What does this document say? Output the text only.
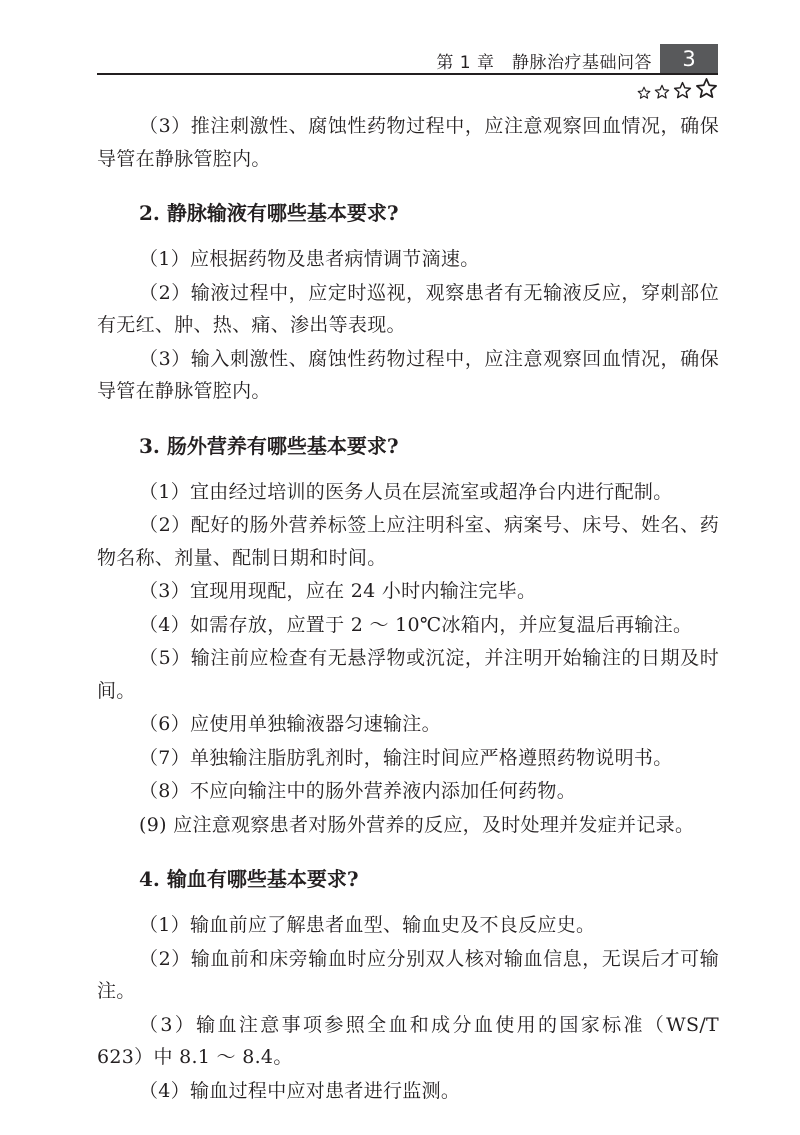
第 1 章　静脉治疗基础问答	3

（3）推注刺激性、腐蚀性药物过程中，应注意观察回血情况，确保导管在静脉管腔内。

2. 静脉输液有哪些基本要求?

（1）应根据药物及患者病情调节滴速。

（2）输液过程中，应定时巡视，观察患者有无输液反应，穿刺部位有无红、肿、热、痛、渗出等表现。

（3）输入刺激性、腐蚀性药物过程中，应注意观察回血情况，确保导管在静脉管腔内。

3. 肠外营养有哪些基本要求?

（1）宜由经过培训的医务人员在层流室或超净台内进行配制。

（2）配好的肠外营养标签上应注明科室、病案号、床号、姓名、药物名称、剂量、配制日期和时间。

（3）宜现用现配，应在 24 小时内输注完毕。

（4）如需存放，应置于 2 ～ 10℃冰箱内，并应复温后再输注。

（5）输注前应检查有无悬浮物或沉淀，并注明开始输注的日期及时间。

（6）应使用单独输液器匀速输注。

（7）单独输注脂肪乳剂时，输注时间应严格遵照药物说明书。

（8）不应向输注中的肠外营养液内添加任何药物。

(9) 应注意观察患者对肠外营养的反应，及时处理并发症并记录。

4. 输血有哪些基本要求?

（1）输血前应了解患者血型、输血史及不良反应史。

（2）输血前和床旁输血时应分别双人核对输血信息，无误后才可输注。

（3）输血注意事项参照全血和成分血使用的国家标准（WS/T 623）中 8.1 ～ 8.4。

（4）输血过程中应对患者进行监测。
